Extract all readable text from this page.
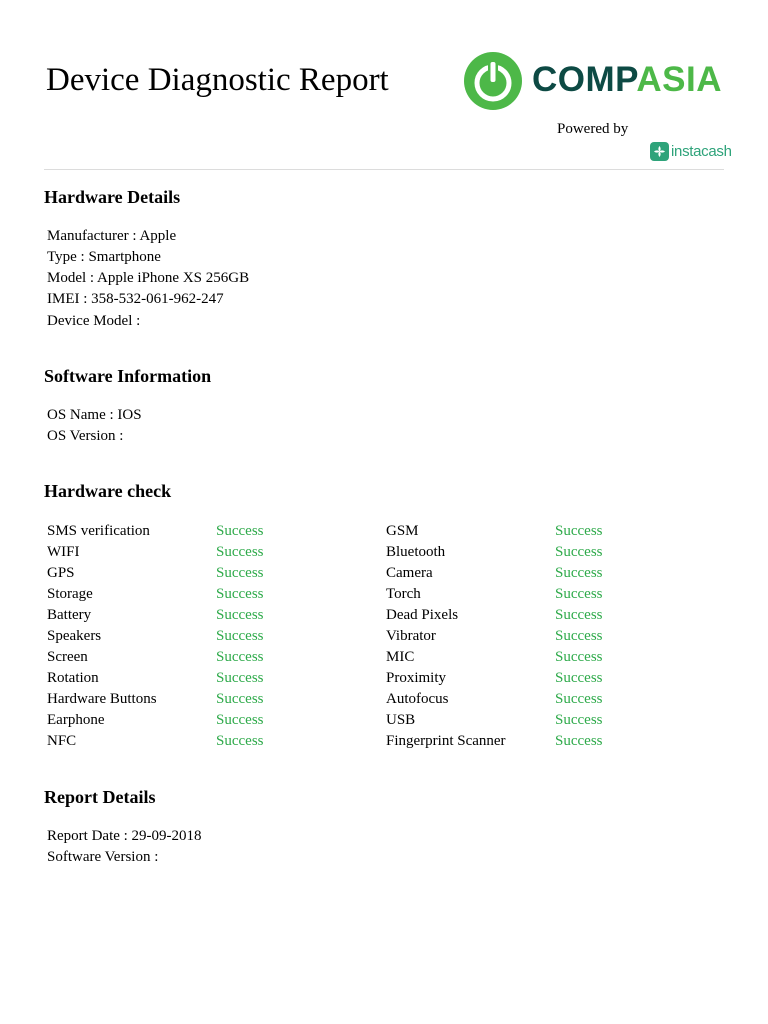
Device Diagnostic Report	COMPASIA
Powered by
instacash
Hardware Details
Manufacturer : Apple
Type : Smartphone
Model : Apple iPhone XS 256GB
IMEI : 358-532-061-962-247
Device Model :
Software Information
OS Name : IOS
OS Version :
Hardware check
SMS verification	Success	GSM	Success
WIFI	Success	Bluetooth	Success
GPS	Success	Camera	Success
Storage	Success	Torch	Success
Battery	Success	Dead Pixels	Success
Speakers	Success	Vibrator	Success
Screen	Success	MIC	Success
Rotation	Success	Proximity	Success
Hardware Buttons	Success	Autofocus	Success
Earphone	Success	USB	Success
NFC	Success	Fingerprint Scanner	Success
Report Details
Report Date : 29-09-2018
Software Version :
